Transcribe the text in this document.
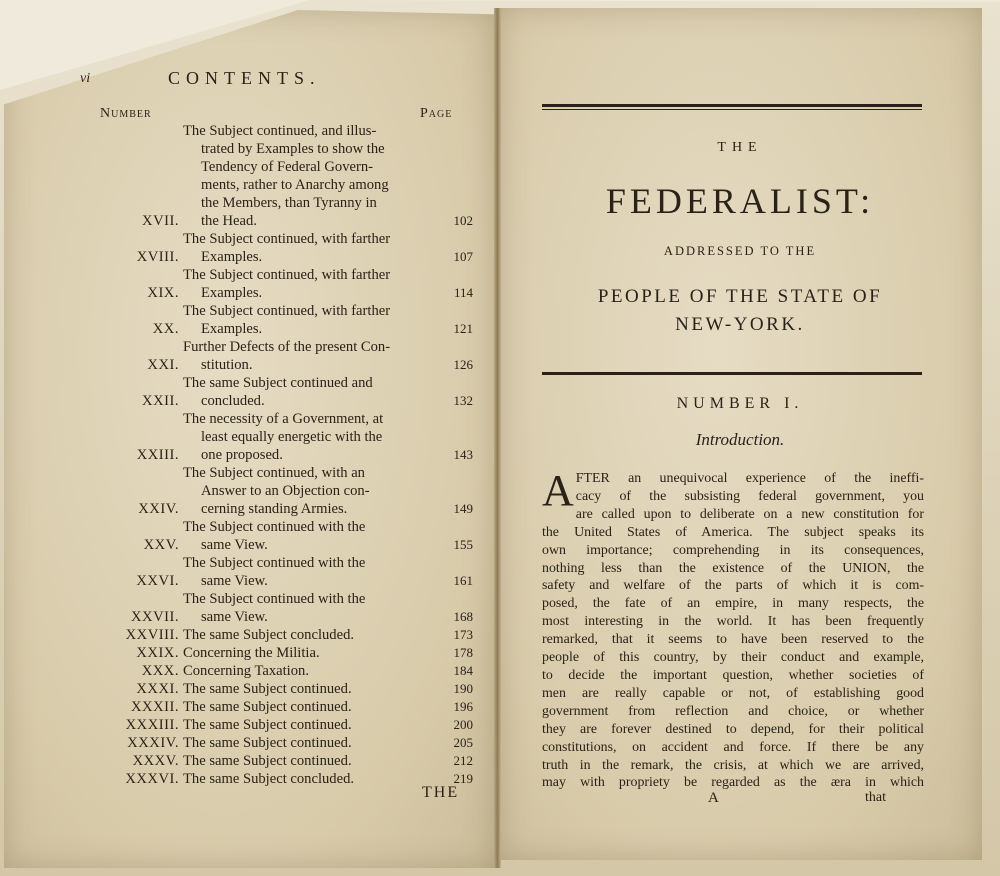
vi	CONTENTS.
Number	Page
XVII.
The Subject continued, and illus-
trated by Examples to show the
Tendency of Federal Govern-
ments, rather to Anarchy among
the Members, than Tyranny in
the Head.	102
XVIII.
The Subject continued, with farther
Examples.	107
XIX.
The Subject continued, with farther
Examples.	114
XX.
The Subject continued, with farther
Examples.	121
XXI.
Further Defects of the present Con-
stitution.	126
XXII.
The same Subject continued and
concluded.	132
XXIII.
The necessity of a Government, at
least equally energetic with the
one proposed.	143
XXIV.
The Subject continued, with an
Answer to an Objection con-
cerning standing Armies.	149
XXV.
The Subject continued with the
same View.	155
XXVI.
The Subject continued with the
same View.	161
XXVII.
The Subject continued with the
same View.	168
XXVIII. The same Subject concluded.	173
XXIX. Concerning the Militia.	178
XXX. Concerning Taxation.	184
XXXI. The same Subject continued.	190
XXXII. The same Subject continued.	196
XXXIII. The same Subject continued.	200
XXXIV. The same Subject continued.	205
XXXV. The same Subject continued.	212
XXXVI. The same Subject concluded.	219
THE
THE
FEDERALIST:
ADDRESSED TO THE
PEOPLE OF THE STATE OF
NEW-YORK.
NUMBER I.
Introduction.
A FTER an unequivocal experience of the ineffi-
cacy of the subsisting federal government, you
are called upon to deliberate on a new constitution for
the United States of America. The subject speaks its
own importance; comprehending in its consequences,
nothing less than the existence of the UNION, the
safety and welfare of the parts of which it is com-
posed, the fate of an empire, in many respects, the
most interesting in the world. It has been frequently
remarked, that it seems to have been reserved to the
people of this country, by their conduct and example,
to decide the important question, whether societies of
men are really capable or not, of establishing good
government from reflection and choice, or whether
they are forever destined to depend, for their political
constitutions, on accident and force. If there be any
truth in the remark, the crisis, at which we are arrived,
may with propriety be regarded as the æra in which
A	that
